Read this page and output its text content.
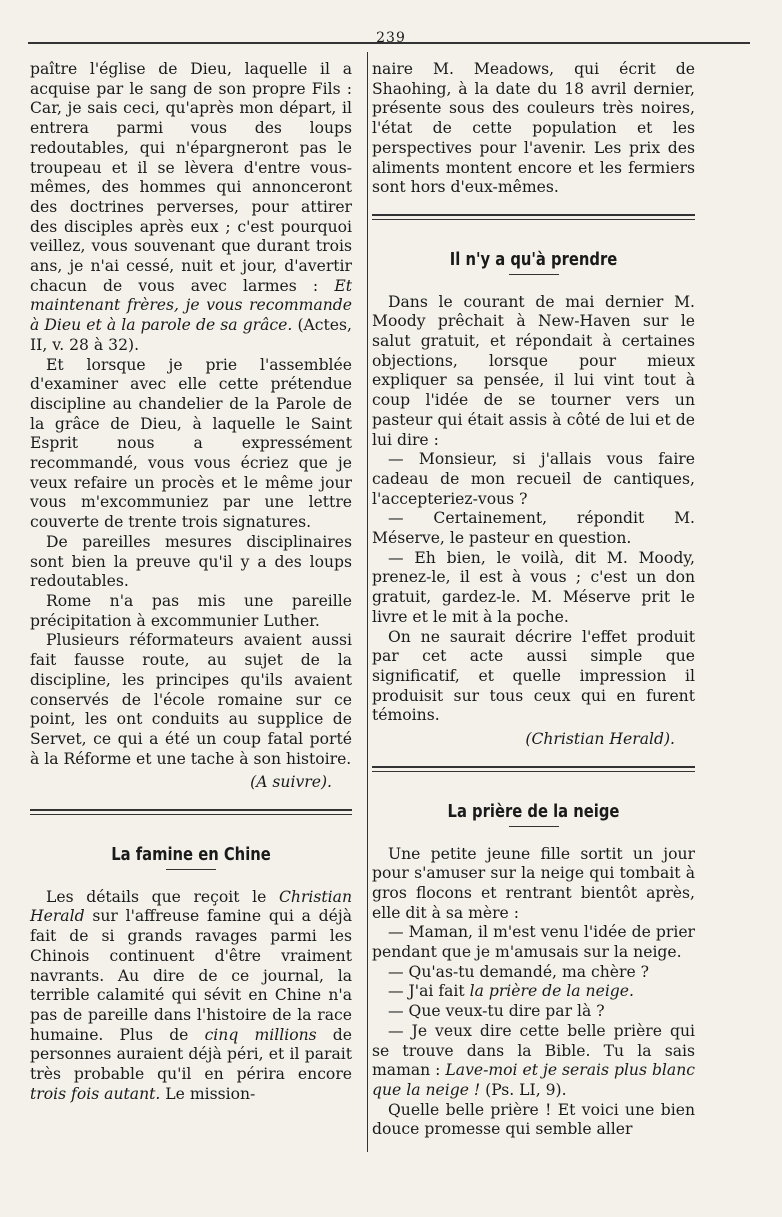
239

paître l'église de Dieu, laquelle il a acquise par le sang de son propre Fils : Car, je sais ceci, qu'après mon départ, il entrera parmi vous des loups redoutables, qui n'épargneront pas le troupeau et il se lèvera d'entre vous-mêmes, des hommes qui annonceront des doctrines perverses, pour attirer des disciples après eux ; c'est pourquoi veillez, vous souvenant que durant trois ans, je n'ai cessé, nuit et jour, d'avertir chacun de vous avec larmes : Et maintenant frères, je vous recommande à Dieu et à la parole de sa grâce. (Actes, II, v. 28 à 32).

Et lorsque je prie l'assemblée d'examiner avec elle cette prétendue discipline au chandelier de la Parole de la grâce de Dieu, à laquelle le Saint Esprit nous a expressément recommandé, vous vous écriez que je veux refaire un procès et le même jour vous m'excommuniez par une lettre couverte de trente trois signatures.

De pareilles mesures disciplinaires sont bien la preuve qu'il y a des loups redoutables.

Rome n'a pas mis une pareille précipitation à excommunier Luther.

Plusieurs réformateurs avaient aussi fait fausse route, au sujet de la discipline, les principes qu'ils avaient conservés de l'école romaine sur ce point, les ont conduits au supplice de Servet, ce qui a été un coup fatal porté à la Réforme et une tache à son histoire.

(A suivre).

La famine en Chine

Les détails que reçoit le Christian Herald sur l'affreuse famine qui a déjà fait de si grands ravages parmi les Chinois continuent d'être vraiment navrants. Au dire de ce journal, la terrible calamité qui sévit en Chine n'a pas de pareille dans l'histoire de la race humaine. Plus de cinq millions de personnes auraient déjà péri, et il parait très probable qu'il en périra encore trois fois autant. Le mission-

naire M. Meadows, qui écrit de Shaohing, à la date du 18 avril dernier, présente sous des couleurs très noires, l'état de cette population et les perspectives pour l'avenir. Les prix des aliments montent encore et les fermiers sont hors d'eux-mêmes.

Il n'y a qu'à prendre

Dans le courant de mai dernier M. Moody prêchait à New-Haven sur le salut gratuit, et répondait à certaines objections, lorsque pour mieux expliquer sa pensée, il lui vint tout à coup l'idée de se tourner vers un pasteur qui était assis à côté de lui et de lui dire :

— Monsieur, si j'allais vous faire cadeau de mon recueil de cantiques, l'accepteriez-vous ?

— Certainement, répondit M. Méserve, le pasteur en question.

— Eh bien, le voilà, dit M. Moody, prenez-le, il est à vous ; c'est un don gratuit, gardez-le. M. Méserve prit le livre et le mit à la poche.

On ne saurait décrire l'effet produit par cet acte aussi simple que significatif, et quelle impression il produisit sur tous ceux qui en furent témoins.

(Christian Herald).

La prière de la neige

Une petite jeune fille sortit un jour pour s'amuser sur la neige qui tombait à gros flocons et rentrant bientôt après, elle dit à sa mère :

— Maman, il m'est venu l'idée de prier pendant que je m'amusais sur la neige.

— Qu'as-tu demandé, ma chère ?

— J'ai fait la prière de la neige.

— Que veux-tu dire par là ?

— Je veux dire cette belle prière qui se trouve dans la Bible. Tu la sais maman : Lave-moi et je serais plus blanc que la neige ! (Ps. LI, 9).

Quelle belle prière ! Et voici une bien douce promesse qui semble aller
